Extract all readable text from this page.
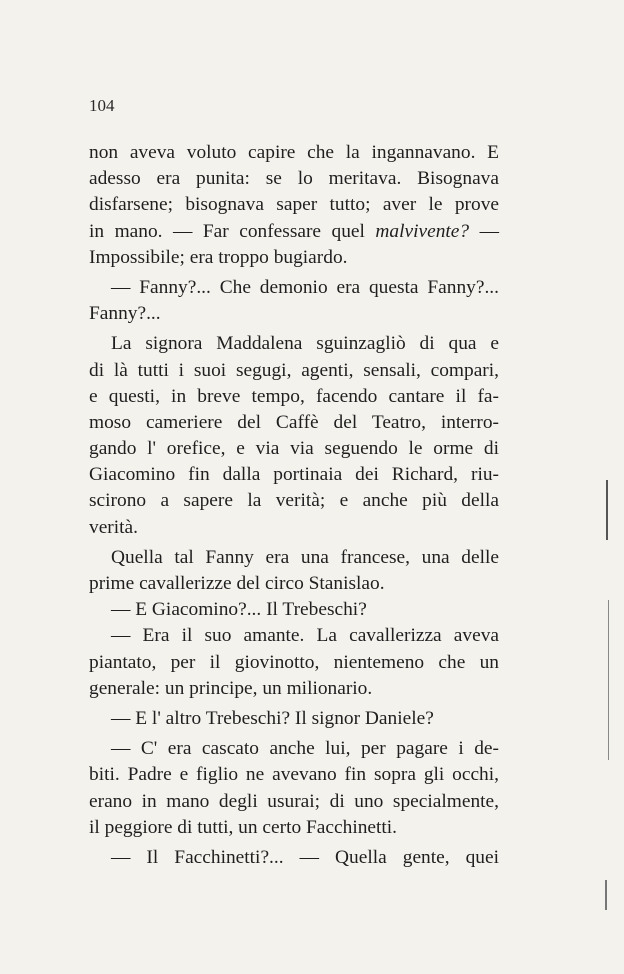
104
non aveva voluto capire che la ingannavano. E
adesso era punita: se lo meritava. Bisognava
disfarsene; bisognava saper tutto; aver le prove
in mano. — Far confessare quel malvivente? —
Impossibile; era troppo bugiardo.
— Fanny?... Che demonio era questa Fanny?...
Fanny?...
La signora Maddalena sguinzagliò di qua e
di là tutti i suoi segugi, agenti, sensali, compari,
e questi, in breve tempo, facendo cantare il fa-
moso cameriere del Caffè del Teatro, interro-
gando l' orefice, e via via seguendo le orme di
Giacomino fin dalla portinaia dei Richard, riu-
scirono a sapere la verità; e anche più della
verità.
Quella tal Fanny era una francese, una delle
prime cavallerizze del circo Stanislao.
— E Giacomino?... Il Trebeschi?
— Era il suo amante. La cavallerizza aveva
piantato, per il giovinotto, nientemeno che un
generale: un principe, un milionario.
— E l' altro Trebeschi? Il signor Daniele?
— C' era cascato anche lui, per pagare i de-
biti. Padre e figlio ne avevano fin sopra gli occhi,
erano in mano degli usurai; di uno specialmente,
il peggiore di tutti, un certo Facchinetti.
— Il Facchinetti?... — Quella gente, quei
